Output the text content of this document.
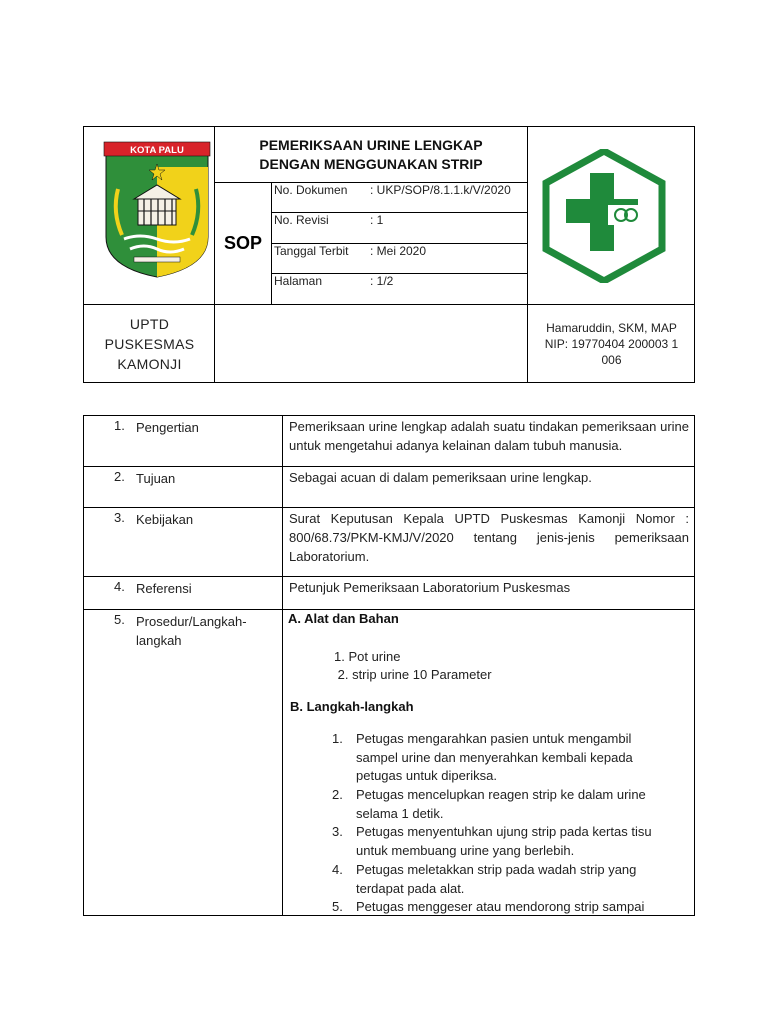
KOTA PALU	PEMERIKSAAN URINE LENGKAP
DENGAN MENGGUNAKAN STRIP
SOP
No. Dokumen : UKP/SOP/8.1.1.k/V/2020
No. Revisi	: 1
Tanggal Terbit : Mei 2020
Halaman	: 1/2
UPTD
PUSKESMAS
KAMONJI
Hamaruddin, SKM, MAP
NIP: 19770404 200003 1
006
1. Pengertian	Pemeriksaan urine lengkap adalah suatu tindakan pemeriksaan urine untuk mengetahui adanya kelainan dalam tubuh manusia.
2. Tujuan	Sebagai acuan di dalam pemeriksaan urine lengkap.
3. Kebijakan	Surat Keputusan Kepala UPTD Puskesmas Kamonji Nomor : 800/68.73/PKM-KMJ/V/2020 tentang jenis-jenis pemeriksaan Laboratorium.
4. Referensi	Petunjuk Pemeriksaan Laboratorium Puskesmas
5. Prosedur/Langkah-langkah
A. Alat dan Bahan
1. Pot urine
2. strip urine 10 Parameter
B. Langkah-langkah
1. Petugas mengarahkan pasien untuk mengambil sampel urine dan menyerahkan kembali kepada petugas untuk diperiksa.
2. Petugas mencelupkan reagen strip ke dalam urine selama 1 detik.
3. Petugas menyentuhkan ujung strip pada kertas tisu untuk membuang urine yang berlebih.
4. Petugas meletakkan strip pada wadah strip yang terdapat pada alat.
5. Petugas menggeser atau mendorong strip sampai
